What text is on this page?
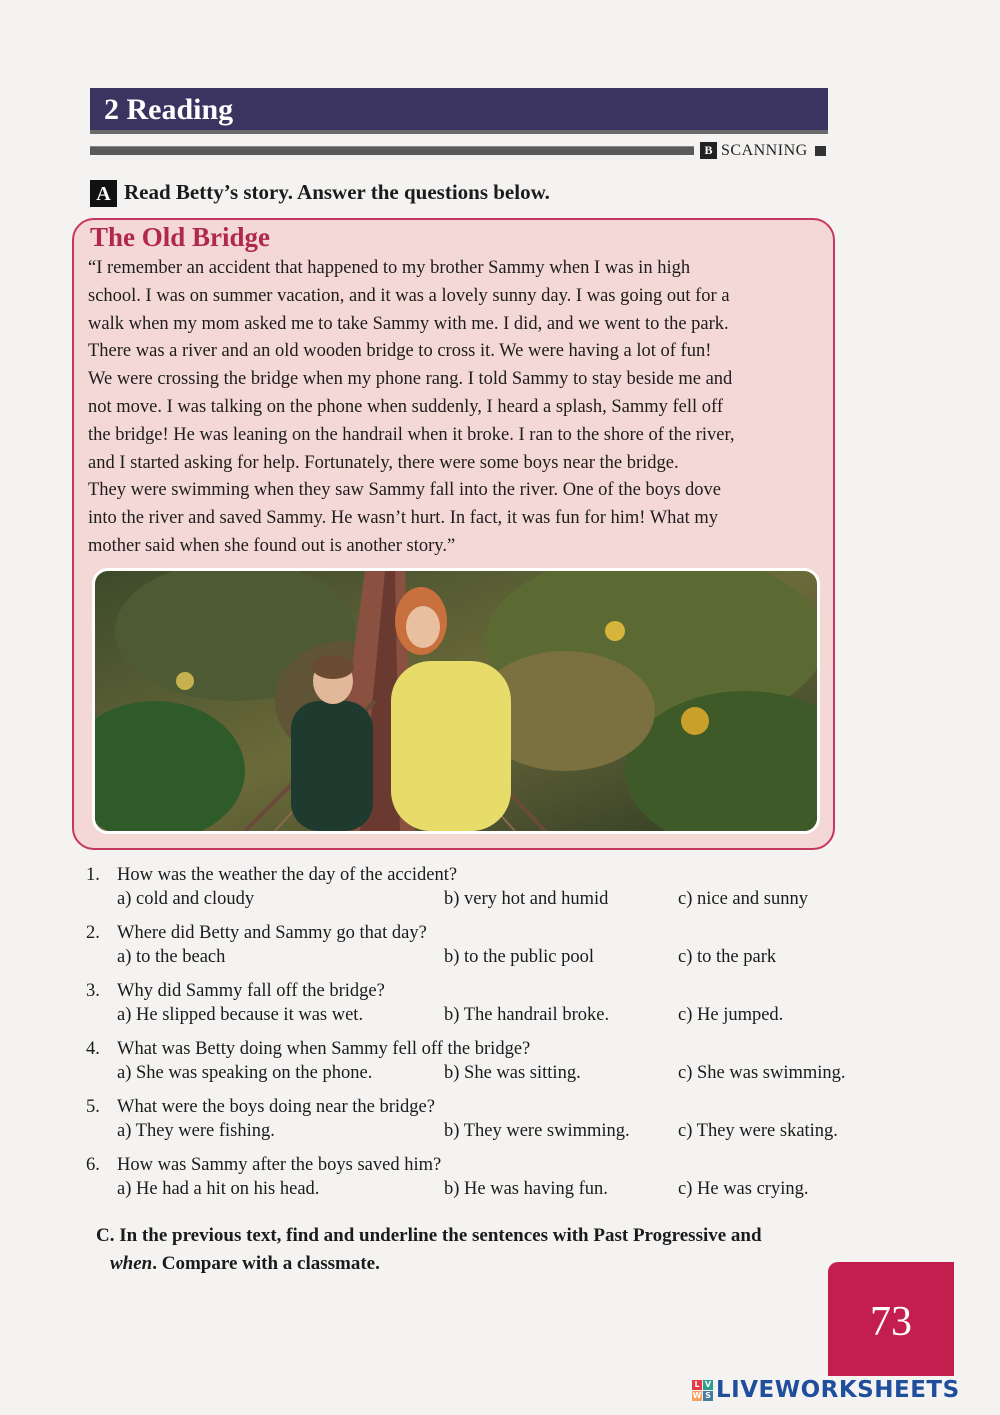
2 Reading
B SCANNING
A Read Betty’s story. Answer the questions below.
The Old Bridge
“I remember an accident that happened to my brother Sammy when I was in high
school. I was on summer vacation, and it was a lovely sunny day. I was going out for a
walk when my mom asked me to take Sammy with me. I did, and we went to the park.
There was a river and an old wooden bridge to cross it. We were having a lot of fun!
We were crossing the bridge when my phone rang. I told Sammy to stay beside me and
not move. I was talking on the phone when suddenly, I heard a splash, Sammy fell off
the bridge! He was leaning on the handrail when it broke. I ran to the shore of the river,
and I started asking for help. Fortunately, there were some boys near the bridge.
They were swimming when they saw Sammy fall into the river. One of the boys dove
into the river and saved Sammy. He wasn’t hurt. In fact, it was fun for him! What my
mother said when she found out is another story.”
1. How was the weather the day of the accident?
a) cold and cloudy	b) very hot and humid	c) nice and sunny
2. Where did Betty and Sammy go that day?
a) to the beach	b) to the public pool	c) to the park
3. Why did Sammy fall off the bridge?
a) He slipped because it was wet.	b) The handrail broke.	c) He jumped.
4. What was Betty doing when Sammy fell off the bridge?
a) She was speaking on the phone.	b) She was sitting.	c) She was swimming.
5. What were the boys doing near the bridge?
a) They were fishing.	b) They were swimming.	c) They were skating.
6. How was Sammy after the boys saved him?
a) He had a hit on his head.	b) He was having fun.	c) He was crying.
C. In the previous text, find and underline the sentences with Past Progressive and
when. Compare with a classmate.
73
L V
W S LIVEWORKSHEETS
